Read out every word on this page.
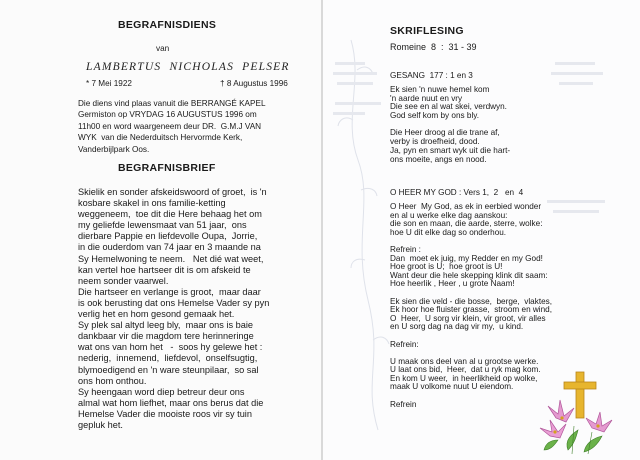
BEGRAFNISDIENS
van
LAMBERTUS  NICHOLAS  PELSER
* 7 Mei 1922	† 8 Augustus 1996
Die diens vind plaas vanuit die BERRANGÉ KAPEL
Germiston op VRYDAG 16 AUGUSTUS 1996 om
11h00 en word waargeneem deur DR.  G.M.J VAN
WYK  van die Nederduitsch Hervormde Kerk,
Vanderbijlpark Oos.
BEGRAFNISBRIEF
Skielik en sonder afskeidswoord of groet,  is 'n
kosbare skakel in ons familie-ketting
weggeneem,  toe dit die Here behaag het om
my geliefde lewensmaat van 51 jaar,  ons
dierbare Pappie en liefdevolle Oupa,  Jorrie,
in die ouderdom van 74 jaar en 3 maande na
Sy Hemelwoning te neem.   Net dié wat weet,
kan vertel hoe hartseer dit is om afskeid te
neem sonder vaarwel.
Die hartseer en verlange is groot,  maar daar
is ook berusting dat ons Hemelse Vader sy pyn
verlig het en hom gesond gemaak het.
Sy plek sal altyd leeg bly,  maar ons is baie
dankbaar vir die magdom tere herinneringe
wat ons van hom het   -  soos hy gelewe het :
nederig,  innemend,  liefdevol,  onselfsugtig,
blymoedigend en 'n ware steunpilaar,  so sal
ons hom onthou.
Sy heengaan word diep betreur deur ons
almal wat hom liefhet, maar ons berus dat die
Hemelse Vader die mooiste roos vir sy tuin
gepluk het.
SKRIFLESING
Romeine  8  :  31 - 39
GESANG  177 : 1 en 3
Ek sien 'n nuwe hemel kom
'n aarde nuut en vry
Die see en al wat skei, verdwyn.
God self kom by ons bly.
Die Heer droog al die trane af,
verby is droefheid, dood.
Ja, pyn en smart wyk uit die hart-
ons moeite, angs en nood.
O HEER MY GOD : Vers 1,  2   en  4
O Heer  My God, as ek in eerbied wonder
en al u werke elke dag aanskou:
die son en maan, die aarde, sterre, wolke:
hoe U dit elke dag so onderhou.
Refrein :
Dan  moet ek juig, my Redder en my God!
Hoe groot is U;  hoe groot is U!
Want deur die hele skepping klink dit saam:
Hoe heerlik , Heer , u grote Naam!
Ek sien die veld - die bosse,  berge,  vlaktes,
Ek hoor hoe fluister grasse,  stroom en wind,
O  Heer,  U sorg vir klein, vir groot, vir alles
en U sorg dag na dag vir my,  u kind.
Refrein:
U maak ons deel van al u grootse werke.
U laat ons bid,  Heer,  dat u ryk mag kom.
En kom U weer,  in heerlikheid op wolke,
maak U volkome nuut U eiendom.
Refrein
